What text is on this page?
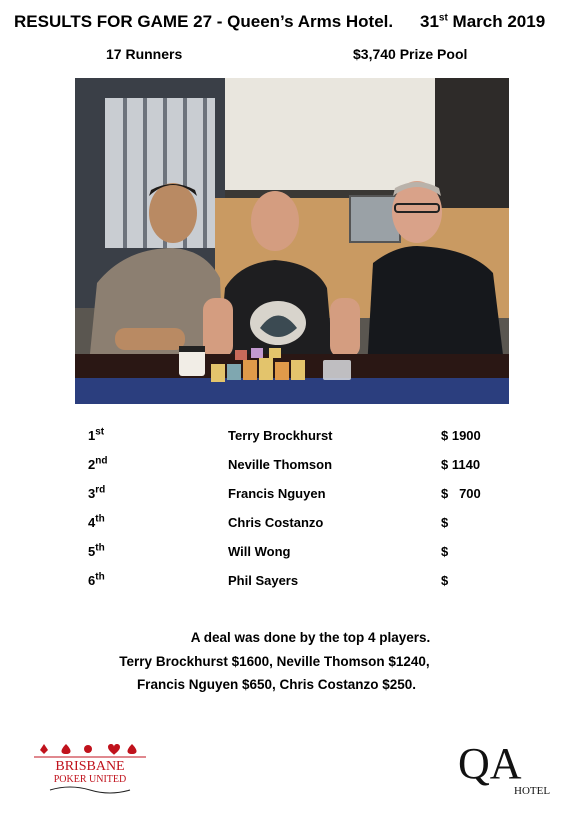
RESULTS FOR GAME 27 - Queen’s Arms Hotel. 31st March 2019
17 Runners	$3,740 Prize Pool
1st	Terry Brockhurst	$ 1900
2nd	Neville Thomson	$ 1140
3rd	Francis Nguyen	$   700
4th	Chris Costanzo	$
5th	Will Wong	$
6th	Phil Sayers	$
A deal was done by the top 4 players.
Terry Brockhurst $1600, Neville Thomson $1240,
Francis Nguyen $650, Chris Costanzo $250.
BRISBANE
POKER UNITED	QA
HOTEL
